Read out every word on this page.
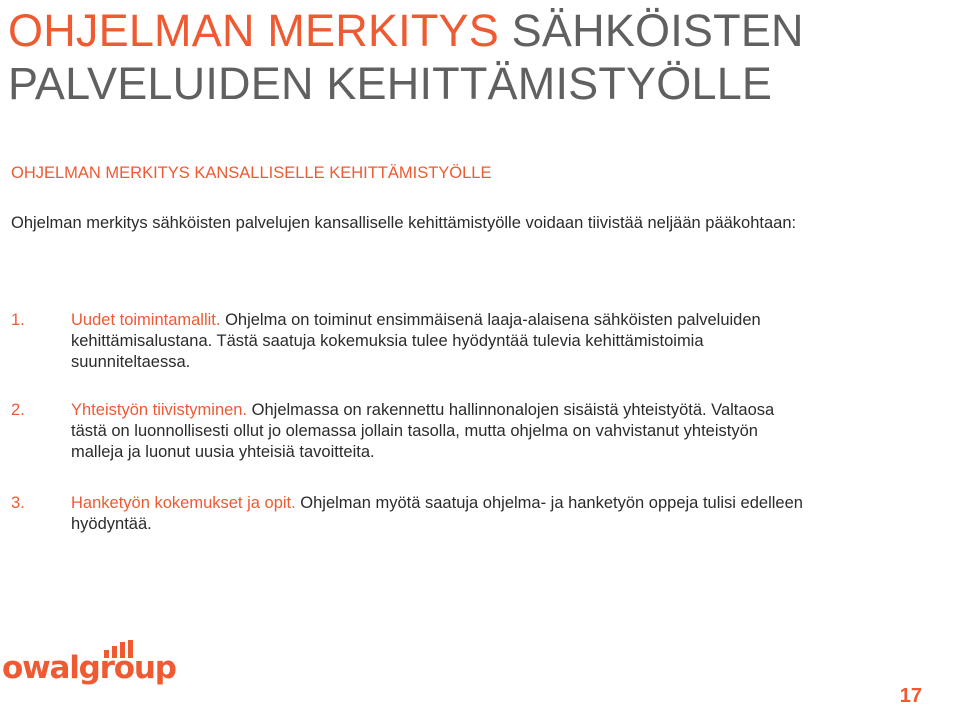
OHJELMAN MERKITYS SÄHKÖISTEN PALVELUIDEN KEHITTÄMISTYÖLLE
OHJELMAN MERKITYS KANSALLISELLE KEHITTÄMISTYÖLLE

Ohjelman merkitys sähköisten palvelujen kansalliselle kehittämistyölle voidaan tiivistää neljään pääkohtaan:

1.	Uudet toimintamallit. Ohjelma on toiminut ensimmäisenä laaja-alaisena sähköisten palveluiden kehittämisalustana. Tästä saatuja kokemuksia tulee hyödyntää tulevia kehittämistoimia suunniteltaessa.
2.	Yhteistyön tiivistyminen. Ohjelmassa on rakennettu hallinnonalojen sisäistä yhteistyötä. Valtaosa tästä on luonnollisesti ollut jo olemassa jollain tasolla, mutta ohjelma on vahvistanut yhteistyön malleja ja luonut uusia yhteisiä tavoitteita.
3.	Hanketyön kokemukset ja opit. Ohjelman myötä saatuja ohjelma- ja hanketyön oppeja tulisi edelleen hyödyntää.
owalgroup
17
